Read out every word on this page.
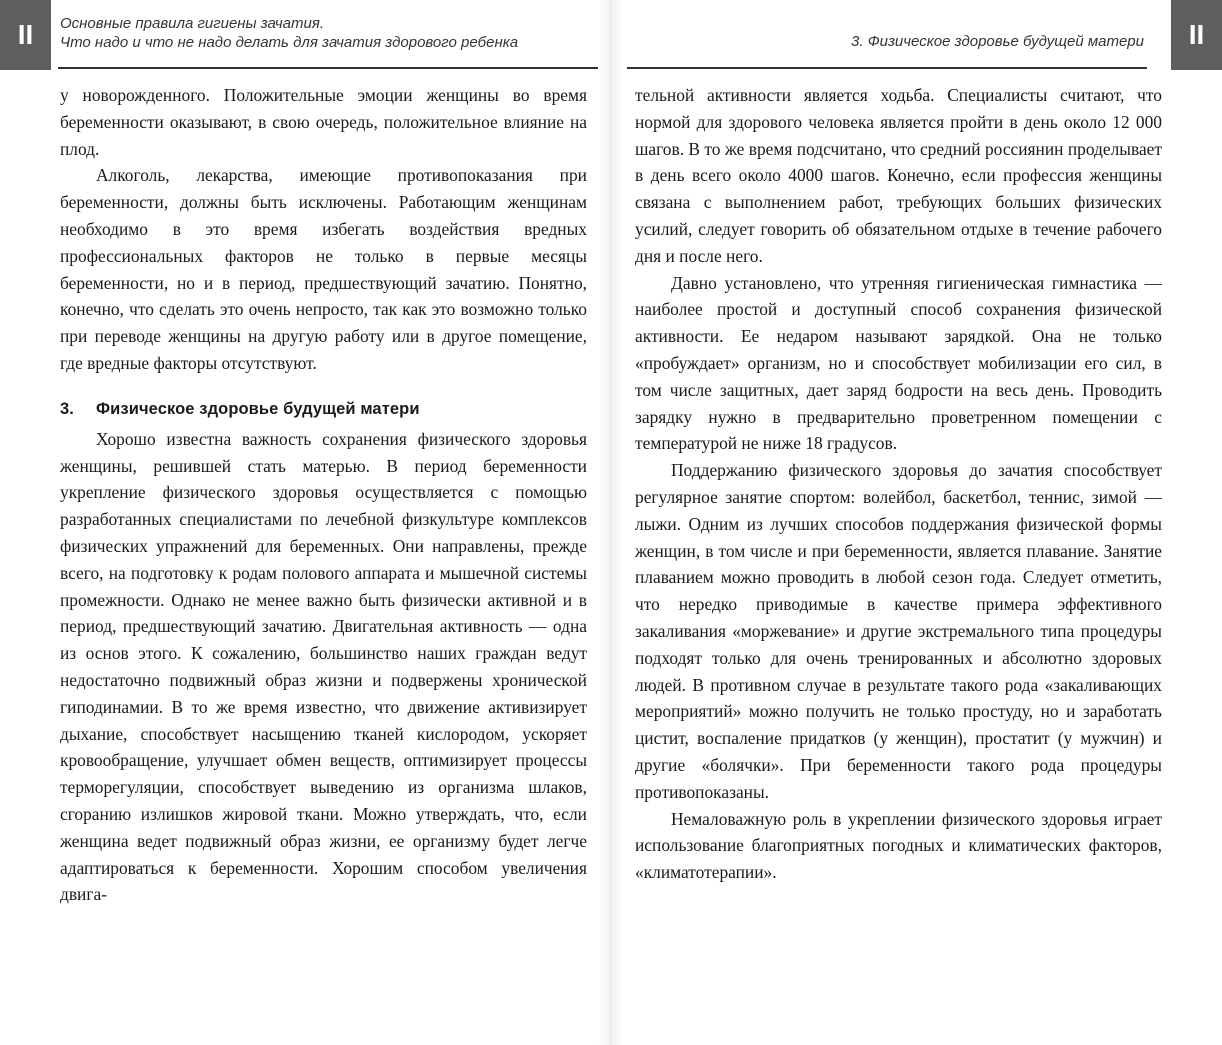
II	Основные правила гигиены зачатия.
Что надо и что не надо делать для зачатия здорового ребенка

у новорожденного. Положительные эмоции женщины во время беременности оказывают, в свою очередь, положительное влияние на плод.

Алкоголь, лекарства, имеющие противопоказания при беременности, должны быть исключены. Работающим женщинам необходимо в это время избегать воздействия вредных профессиональных факторов не только в первые месяцы беременности, но и в период, предшествующий зачатию. Понятно, конечно, что сделать это очень непросто, так как это возможно только при переводе женщины на другую работу или в другое помещение, где вредные факторы отсутствуют.

3. Физическое здоровье будущей матери

Хорошо известна важность сохранения физического здоровья женщины, решившей стать матерью. В период беременности укрепление физического здоровья осуществляется с помощью разработанных специалистами по лечебной физкультуре комплексов физических упражнений для беременных. Они направлены, прежде всего, на подготовку к родам полового аппарата и мышечной системы промежности. Однако не менее важно быть физически активной и в период, предшествующий зачатию. Двигательная активность — одна из основ этого. К сожалению, большинство наших граждан ведут недостаточно подвижный образ жизни и подвержены хронической гиподинамии. В то же время известно, что движение активизирует дыхание, способствует насыщению тканей кислородом, ускоряет кровообращение, улучшает обмен веществ, оптимизирует процессы терморегуляции, способствует выведению из организма шлаков, сгоранию излишков жировой ткани. Можно утверждать, что, если женщина ведет подвижный образ жизни, ее организму будет легче адаптироваться к беременности. Хорошим способом увеличения двига-

II
3. Физическое здоровье будущей матери

тельной активности является ходьба. Специалисты считают, что нормой для здорового человека является пройти в день около 12 000 шагов. В то же время подсчитано, что средний россиянин проделывает в день всего около 4000 шагов. Конечно, если профессия женщины связана с выполнением работ, требующих больших физических усилий, следует говорить об обязательном отдыхе в течение рабочего дня и после него.

Давно установлено, что утренняя гигиеническая гимнастика — наиболее простой и доступный способ сохранения физической активности. Ее недаром называют зарядкой. Она не только «пробуждает» организм, но и способствует мобилизации его сил, в том числе защитных, дает заряд бодрости на весь день. Проводить зарядку нужно в предварительно проветренном помещении с температурой не ниже 18 градусов.

Поддержанию физического здоровья до зачатия способствует регулярное занятие спортом: волейбол, баскетбол, теннис, зимой — лыжи. Одним из лучших способов поддержания физической формы женщин, в том числе и при беременности, является плавание. Занятие плаванием можно проводить в любой сезон года. Следует отметить, что нередко приводимые в качестве примера эффективного закаливания «моржевание» и другие экстремального типа процедуры подходят только для очень тренированных и абсолютно здоровых людей. В противном случае в результате такого рода «закаливающих мероприятий» можно получить не только простуду, но и заработать цистит, воспаление придатков (у женщин), простатит (у мужчин) и другие «болячки». При беременности такого рода процедуры противопоказаны.

Немаловажную роль в укреплении физического здоровья играет использование благоприятных погодных и климатических факторов, «климатотерапии».
